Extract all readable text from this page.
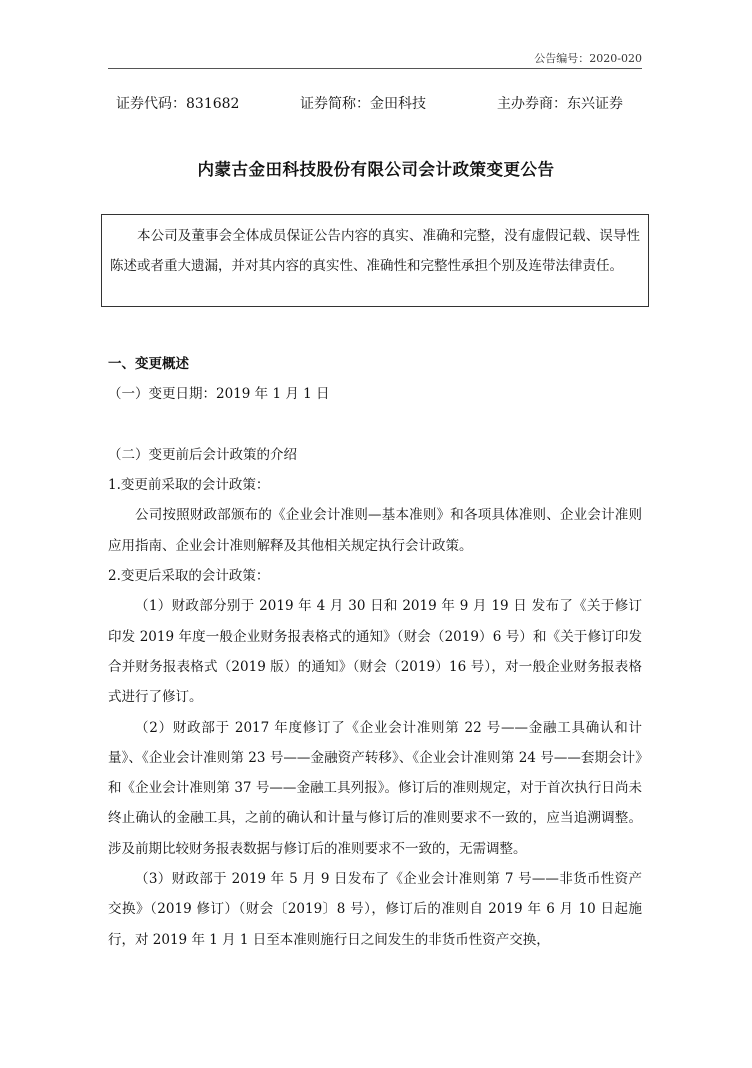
公告编号：2020-020
证券代码：831682	证券简称：金田科技	主办券商：东兴证券
内蒙古金田科技股份有限公司会计政策变更公告

本公司及董事会全体成员保证公告内容的真实、准确和完整，没有虚假记载、误导性陈述或者重大遗漏，并对其内容的真实性、准确性和完整性承担个别及连带法律责任。

一、变更概述

（一）变更日期：2019 年 1 月 1 日

（二）变更前后会计政策的介绍

1.变更前采取的会计政策：

公司按照财政部颁布的《企业会计准则—基本准则》和各项具体准则、企业会计准则应用指南、企业会计准则解释及其他相关规定执行会计政策。

2.变更后采取的会计政策：

（1）财政部分别于 2019 年 4 月 30 日和 2019 年 9 月 19 日 发布了《关于修订印发 2019 年度一般企业财务报表格式的通知》（财会（2019）6 号）和《关于修订印发合并财务报表格式（2019 版）的通知》（财会（2019）16 号），对一般企业财务报表格式进行了修订。

（2）财政部于 2017 年度修订了《企业会计准则第 22 号——金融工具确认和计量》、《企业会计准则第 23 号——金融资产转移》、《企业会计准则第 24 号——套期会计》和《企业会计准则第 37 号——金融工具列报》。修订后的准则规定，对于首次执行日尚未终止确认的金融工具，之前的确认和计量与修订后的准则要求不一致的，应当追溯调整。涉及前期比较财务报表数据与修订后的准则要求不一致的，无需调整。

（3）财政部于 2019 年 5 月 9 日发布了《企业会计准则第 7 号——非货币性资产交换》（2019 修订）（财会〔2019〕8 号），修订后的准则自 2019 年 6 月 10 日起施行，对 2019 年 1 月 1 日至本准则施行日之间发生的非货币性资产交换，
